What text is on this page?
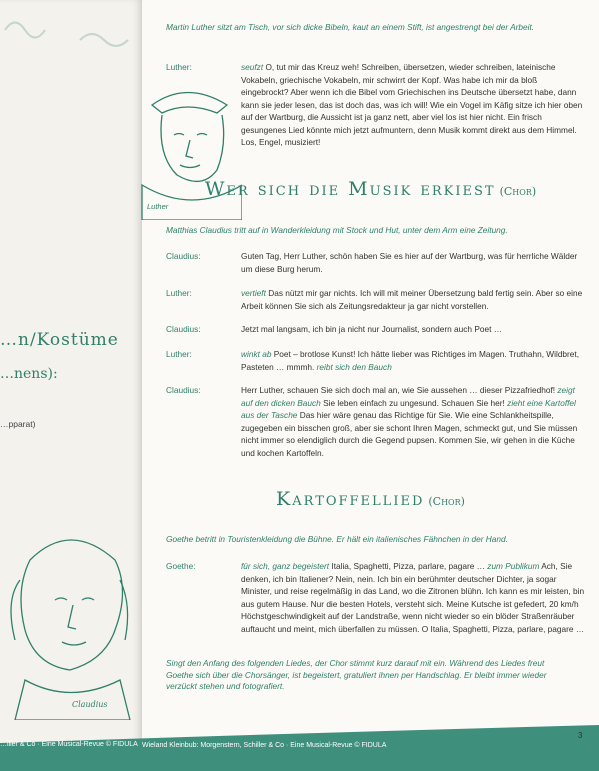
…n/Kostüme
…nens):
…pparat)
Claudius
Martin Luther sitzt am Tisch, vor sich dicke Bibeln, kaut an einem Stift, ist angestrengt bei der Arbeit.
Luther
Luther:	seufzt O, tut mir das Kreuz weh! Schreiben, übersetzen, wieder schreiben, lateinische Vokabeln, griechische Vokabeln, mir schwirrt der Kopf. Was habe ich mir da bloß eingebrockt? Aber wenn ich die Bibel vom Griechischen ins Deutsche übersetzt habe, dann kann sie jeder lesen, das ist doch das, was ich will! Wie ein Vogel im Käfig sitze ich hier oben auf der Wartburg, die Aussicht ist ja ganz nett, aber viel los ist hier nicht. Ein frisch gesungenes Lied könnte mich jetzt aufmuntern, denn Musik kommt direkt aus dem Himmel. Los, Engel, musiziert!
Wer sich die Musik erkiest (Chor)
Matthias Claudius tritt auf in Wanderkleidung mit Stock und Hut, unter dem Arm eine Zeitung.
Claudius:	Guten Tag, Herr Luther, schön haben Sie es hier auf der Wartburg, was für herrliche Wälder um diese Burg herum.
Luther:	vertieft Das nützt mir gar nichts. Ich will mit meiner Übersetzung bald fertig sein. Aber so eine Arbeit können Sie sich als Zeitungsredakteur ja gar nicht vorstellen.
Claudius:	Jetzt mal langsam, ich bin ja nicht nur Journalist, sondern auch Poet …
Luther:	winkt ab Poet – brotlose Kunst! Ich hätte lieber was Richtiges im Magen. Truthahn, Wildbret, Pasteten … mmmh. reibt sich den Bauch
Claudius:	Herr Luther, schauen Sie sich doch mal an, wie Sie aussehen … dieser Pizzafriedhof! zeigt auf den dicken Bauch Sie leben einfach zu ungesund. Schauen Sie her! zieht eine Kartoffel aus der Tasche Das hier wäre genau das Richtige für Sie. Wie eine Schlankheitspille, zugegeben ein bisschen groß, aber sie schont Ihren Magen, schmeckt gut, und Sie müssen nicht immer so elendiglich durch die Gegend pupsen. Kommen Sie, wir gehen in die Küche und kochen Kartoffeln.
Kartoffellied (Chor)
Goethe betritt in Touristenkleidung die Bühne. Er hält ein italienisches Fähnchen in der Hand.
Goethe:	für sich, ganz begeistert Italia, Spaghetti, Pizza, parlare, pagare … zum Publikum Ach, Sie denken, ich bin Italiener? Nein, nein. Ich bin ein berühmter deutscher Dichter, ja sogar Minister, und reise regelmäßig in das Land, wo die Zitronen blühn. Ich kann es mir leisten, bin aus gutem Hause. Nur die besten Hotels, versteht sich. Meine Kutsche ist gefedert, 20 km/h Höchstgeschwindigkeit auf der Landstraße, wenn nicht wieder so ein blöder Straßenräuber auftaucht und meint, mich überfallen zu müssen. O Italia, Spaghetti, Pizza, parlare, pagare …
Singt den Anfang des folgenden Liedes, der Chor stimmt kurz darauf mit ein. Während des Liedes freut Goethe sich über die Chorsänger, ist begeistert, gratuliert ihnen per Handschlag. Er bleibt immer wieder verzückt stehen und fotografiert.
Wieland Kleinbub: Morgenstern, Schiller & Co · Eine Musical-Revue © FIDULA
3
…iller & Co · Eine Musical-Revue © FIDULA
